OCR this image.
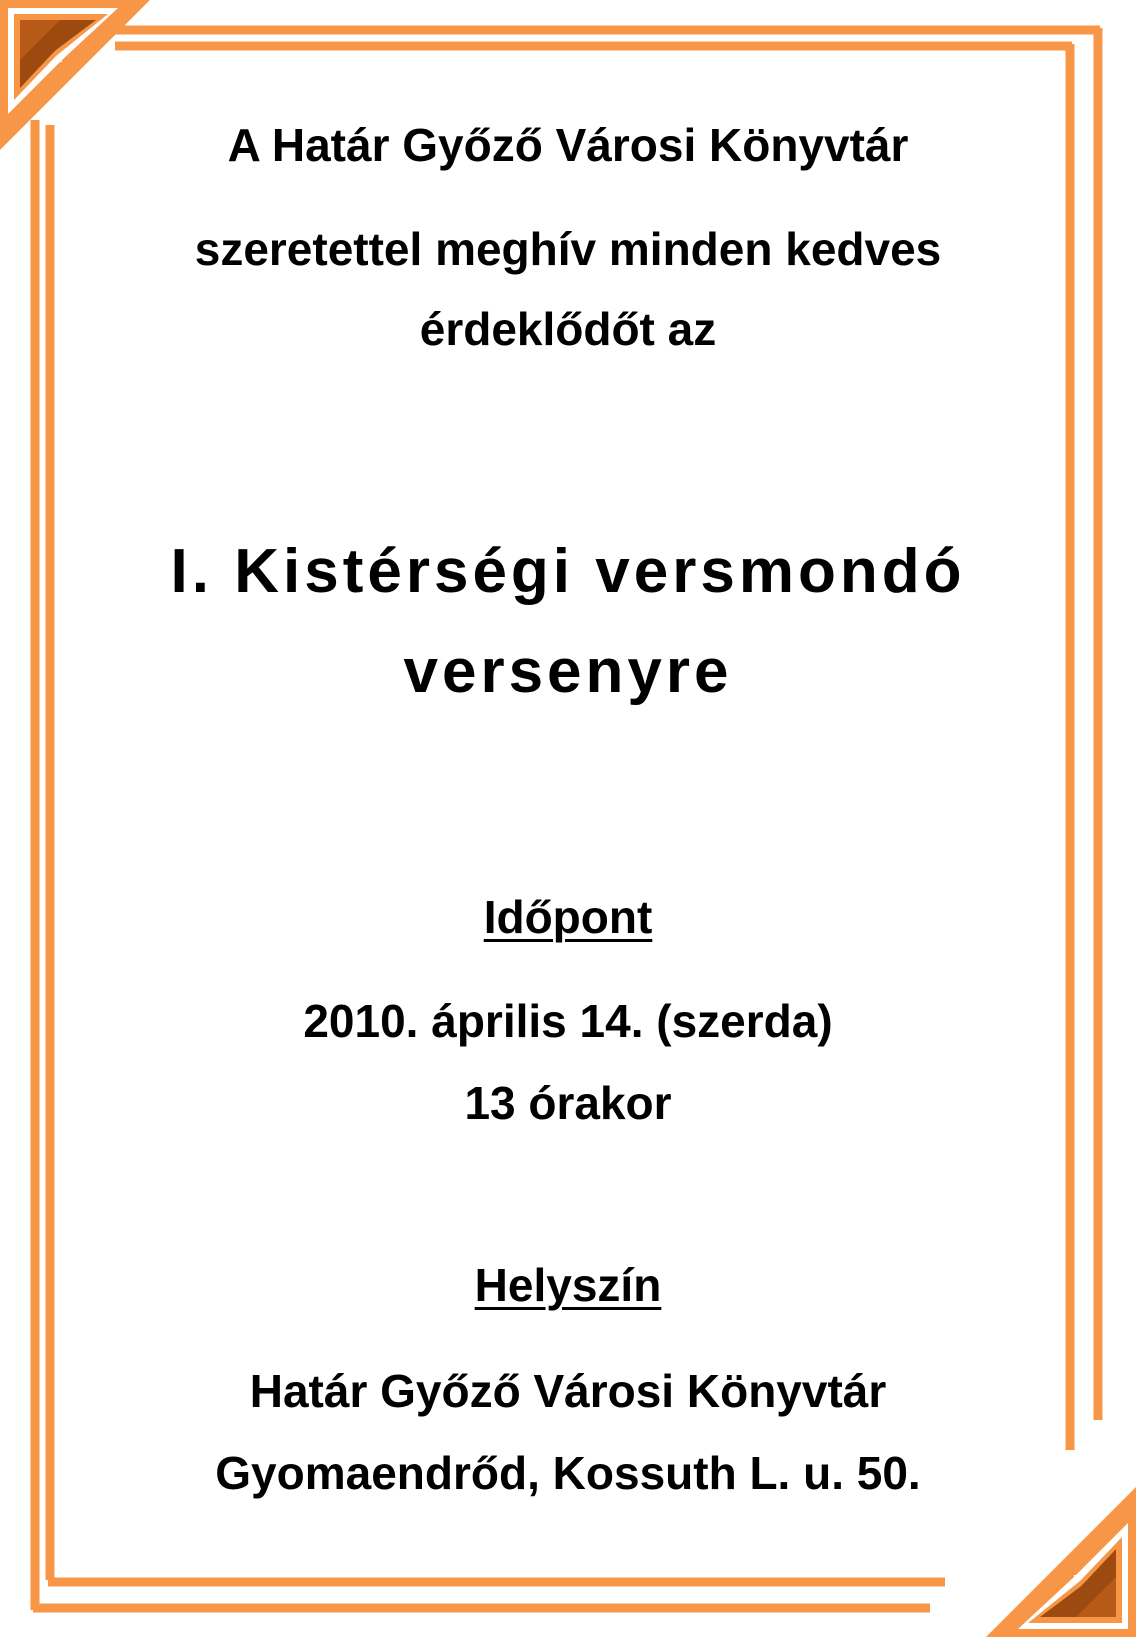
A Határ Győző Városi Könyvtár
szeretettel meghív minden kedves
érdeklődőt az
I. Kistérségi versmondó
versenyre
Időpont
2010. április 14. (szerda)
13 órakor
Helyszín
Határ Győző Városi Könyvtár
Gyomaendrőd, Kossuth L. u. 50.
